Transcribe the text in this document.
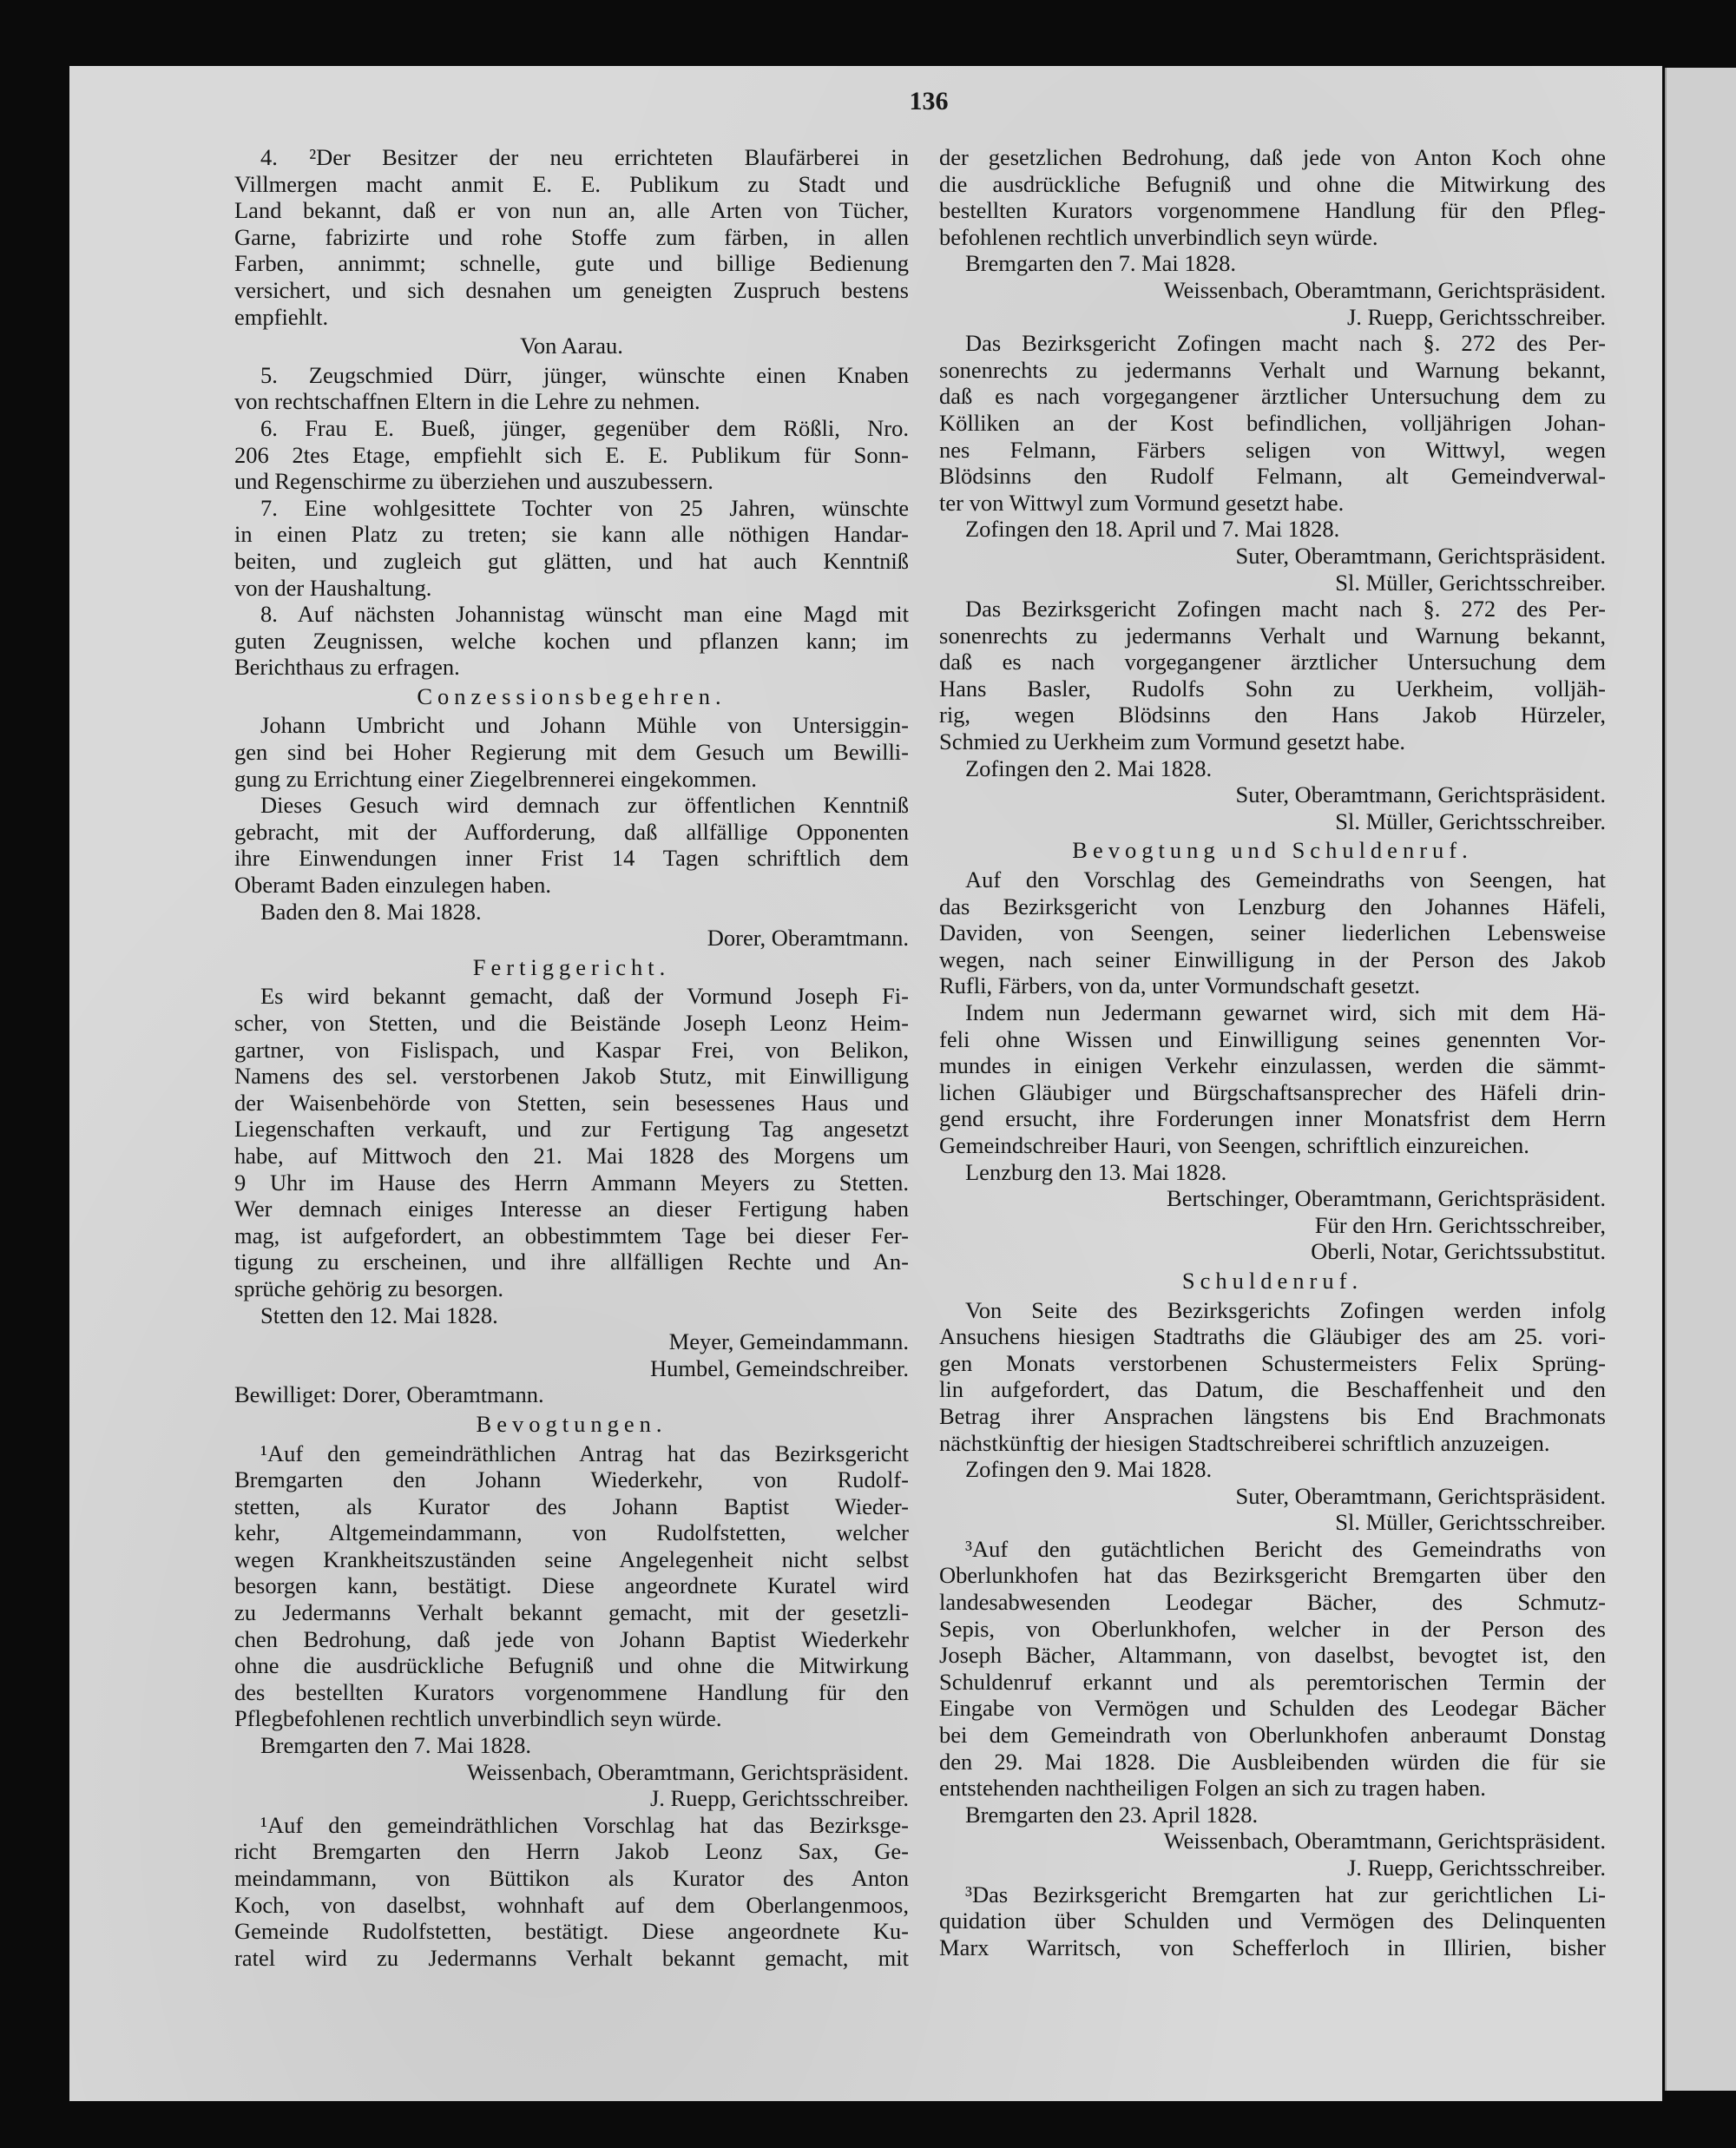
136
4. ²Der Besitzer der neu errichteten Blaufärberei in
Villmergen macht anmit E. E. Publikum zu Stadt und
Land bekannt, daß er von nun an, alle Arten von Tücher,
Garne, fabrizirte und rohe Stoffe zum färben, in allen
Farben, annimmt; schnelle, gute und billige Bedienung
versichert, und sich desnahen um geneigten Zuspruch bestens
empfiehlt.
Von Aarau.
5. Zeugschmied Dürr, jünger, wünschte einen Knaben
von rechtschaffnen Eltern in die Lehre zu nehmen.
6. Frau E. Bueß, jünger, gegenüber dem Rößli, Nro.
206 2tes Etage, empfiehlt sich E. E. Publikum für Sonn-
und Regenschirme zu überziehen und auszubessern.
7. Eine wohlgesittete Tochter von 25 Jahren, wünschte
in einen Platz zu treten; sie kann alle nöthigen Handar-
beiten, und zugleich gut glätten, und hat auch Kenntniß
von der Haushaltung.
8. Auf nächsten Johannistag wünscht man eine Magd mit
guten Zeugnissen, welche kochen und pflanzen kann; im
Berichthaus zu erfragen.
Conzessionsbegehren.
Johann Umbricht und Johann Mühle von Untersiggin-
gen sind bei Hoher Regierung mit dem Gesuch um Bewilli-
gung zu Errichtung einer Ziegelbrennerei eingekommen.
Dieses Gesuch wird demnach zur öffentlichen Kenntniß
gebracht, mit der Aufforderung, daß allfällige Opponenten
ihre Einwendungen inner Frist 14 Tagen schriftlich dem
Oberamt Baden einzulegen haben.
Baden den 8. Mai 1828.
Dorer, Oberamtmann.
Fertiggericht.
Es wird bekannt gemacht, daß der Vormund Joseph Fi-
scher, von Stetten, und die Beistände Joseph Leonz Heim-
gartner, von Fislispach, und Kaspar Frei, von Belikon,
Namens des sel. verstorbenen Jakob Stutz, mit Einwilligung
der Waisenbehörde von Stetten, sein besessenes Haus und
Liegenschaften verkauft, und zur Fertigung Tag angesetzt
habe, auf Mittwoch den 21. Mai 1828 des Morgens um
9 Uhr im Hause des Herrn Ammann Meyers zu Stetten.
Wer demnach einiges Interesse an dieser Fertigung haben
mag, ist aufgefordert, an obbestimmtem Tage bei dieser Fer-
tigung zu erscheinen, und ihre allfälligen Rechte und An-
sprüche gehörig zu besorgen.
Stetten den 12. Mai 1828.
Meyer, Gemeindammann.
Humbel, Gemeindschreiber.
Bewilliget: Dorer, Oberamtmann.
Bevogtungen.
¹Auf den gemeindräthlichen Antrag hat das Bezirksgericht
Bremgarten den Johann Wiederkehr, von Rudolf-
stetten, als Kurator des Johann Baptist Wieder-
kehr, Altgemeindammann, von Rudolfstetten, welcher
wegen Krankheitszuständen seine Angelegenheit nicht selbst
besorgen kann, bestätigt. Diese angeordnete Kuratel wird
zu Jedermanns Verhalt bekannt gemacht, mit der gesetzli-
chen Bedrohung, daß jede von Johann Baptist Wiederkehr
ohne die ausdrückliche Befugniß und ohne die Mitwirkung
des bestellten Kurators vorgenommene Handlung für den
Pflegbefohlenen rechtlich unverbindlich seyn würde.
Bremgarten den 7. Mai 1828.
Weissenbach, Oberamtmann, Gerichtspräsident.
J. Ruepp, Gerichtsschreiber.
¹Auf den gemeindräthlichen Vorschlag hat das Bezirksge-
richt Bremgarten den Herrn Jakob Leonz Sax, Ge-
meindammann, von Büttikon als Kurator des Anton
Koch, von daselbst, wohnhaft auf dem Oberlangenmoos,
Gemeinde Rudolfstetten, bestätigt. Diese angeordnete Ku-
ratel wird zu Jedermanns Verhalt bekannt gemacht, mit
der gesetzlichen Bedrohung, daß jede von Anton Koch ohne
die ausdrückliche Befugniß und ohne die Mitwirkung des
bestellten Kurators vorgenommene Handlung für den Pfleg-
befohlenen rechtlich unverbindlich seyn würde.
Bremgarten den 7. Mai 1828.
Weissenbach, Oberamtmann, Gerichtspräsident.
J. Ruepp, Gerichtsschreiber.
Das Bezirksgericht Zofingen macht nach §. 272 des Per-
sonenrechts zu jedermanns Verhalt und Warnung bekannt,
daß es nach vorgegangener ärztlicher Untersuchung dem zu
Kölliken an der Kost befindlichen, volljährigen Johan-
nes Felmann, Färbers seligen von Wittwyl, wegen
Blödsinns den Rudolf Felmann, alt Gemeindverwal-
ter von Wittwyl zum Vormund gesetzt habe.
Zofingen den 18. April und 7. Mai 1828.
Suter, Oberamtmann, Gerichtspräsident.
Sl. Müller, Gerichtsschreiber.
Das Bezirksgericht Zofingen macht nach §. 272 des Per-
sonenrechts zu jedermanns Verhalt und Warnung bekannt,
daß es nach vorgegangener ärztlicher Untersuchung dem
Hans Basler, Rudolfs Sohn zu Uerkheim, volljäh-
rig, wegen Blödsinns den Hans Jakob Hürzeler,
Schmied zu Uerkheim zum Vormund gesetzt habe.
Zofingen den 2. Mai 1828.
Suter, Oberamtmann, Gerichtspräsident.
Sl. Müller, Gerichtsschreiber.
Bevogtung und Schuldenruf.
Auf den Vorschlag des Gemeindraths von Seengen, hat
das Bezirksgericht von Lenzburg den Johannes Häfeli,
Daviden, von Seengen, seiner liederlichen Lebensweise
wegen, nach seiner Einwilligung in der Person des Jakob
Rufli, Färbers, von da, unter Vormundschaft gesetzt.
Indem nun Jedermann gewarnet wird, sich mit dem Hä-
feli ohne Wissen und Einwilligung seines genennten Vor-
mundes in einigen Verkehr einzulassen, werden die sämmt-
lichen Gläubiger und Bürgschaftsansprecher des Häfeli drin-
gend ersucht, ihre Forderungen inner Monatsfrist dem Herrn
Gemeindschreiber Hauri, von Seengen, schriftlich einzureichen.
Lenzburg den 13. Mai 1828.
Bertschinger, Oberamtmann, Gerichtspräsident.
Für den Hrn. Gerichtsschreiber,
Oberli, Notar, Gerichtssubstitut.
Schuldenruf.
Von Seite des Bezirksgerichts Zofingen werden infolg
Ansuchens hiesigen Stadtraths die Gläubiger des am 25. vori-
gen Monats verstorbenen Schustermeisters Felix Sprüng-
lin aufgefordert, das Datum, die Beschaffenheit und den
Betrag ihrer Ansprachen längstens bis End Brachmonats
nächstkünftig der hiesigen Stadtschreiberei schriftlich anzuzeigen.
Zofingen den 9. Mai 1828.
Suter, Oberamtmann, Gerichtspräsident.
Sl. Müller, Gerichtsschreiber.
³Auf den gutächtlichen Bericht des Gemeindraths von
Oberlunkhofen hat das Bezirksgericht Bremgarten über den
landesabwesenden Leodegar Bächer, des Schmutz-
Sepis, von Oberlunkhofen, welcher in der Person des
Joseph Bächer, Altammann, von daselbst, bevogtet ist, den
Schuldenruf erkannt und als peremtorischen Termin der
Eingabe von Vermögen und Schulden des Leodegar Bächer
bei dem Gemeindrath von Oberlunkhofen anberaumt Donstag
den 29. Mai 1828. Die Ausbleibenden würden die für sie
entstehenden nachtheiligen Folgen an sich zu tragen haben.
Bremgarten den 23. April 1828.
Weissenbach, Oberamtmann, Gerichtspräsident.
J. Ruepp, Gerichtsschreiber.
³Das Bezirksgericht Bremgarten hat zur gerichtlichen Li-
quidation über Schulden und Vermögen des Delinquenten
Marx Warritsch, von Schefferloch in Illirien, bisher
